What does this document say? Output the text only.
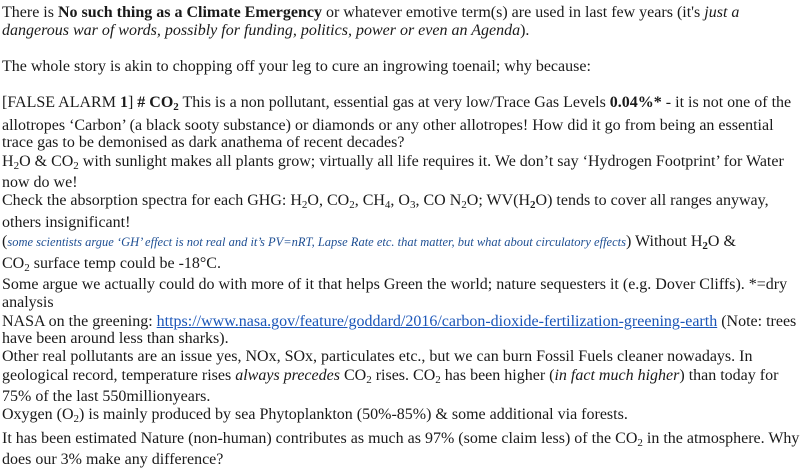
There is No such thing as a Climate Emergency or whatever emotive term(s) are used in last few years (it's just a
dangerous war of words, possibly for funding, politics, power or even an Agenda).
The whole story is akin to chopping off your leg to cure an ingrowing toenail; why because:
[FALSE ALARM 1] # $CO_2$ This is a non pollutant, essential gas at very low/Trace Gas Levels 0.04%* - it is not one of the
allotropes ‘Carbon’ (a black sooty substance) or diamonds or any other allotropes! How did it go from being an essential
trace gas to be demonised as dark anathema of recent decades?
$H_2O$ & $CO_2$ with sunlight makes all plants grow; virtually all life requires it. We don’t say ‘Hydrogen Footprint’ for Water
now do we!
Check the absorption spectra for each GHG: $H_2O$, $CO_2$, $CH_4$, $O_3$, CO $N_2O$; $WV(H_2O)$ tends to cover all ranges anyway,
others insignificant!
(some scientists argue ‘GH’ effect is not real and it’s PV=nRT, Lapse Rate etc. that matter, but what about circulatory effects) Without $H_2O$ &
$CO_2$ surface temp could be -18°C.
Some argue we actually could do with more of it that helps Green the world; nature sequesters it (e.g. Dover Cliffs). *=dry
analysis
NASA on the greening: https://www.nasa.gov/feature/goddard/2016/carbon-dioxide-fertilization-greening-earth (Note: trees
have been around less than sharks).
Other real pollutants are an issue yes, NOx, SOx, particulates etc., but we can burn Fossil Fuels cleaner nowadays. In
geological record, temperature rises always precedes $CO_2$ rises. $CO_2$ has been higher (in fact much higher) than today for
75% of the last 550millionyears.
Oxygen $(O_2)$ is mainly produced by sea Phytoplankton (50%-85%) & some additional via forests.
It has been estimated Nature (non-human) contributes as much as 97% (some claim less) of the $CO_2$ in the atmosphere. Why
does our 3% make any difference?
